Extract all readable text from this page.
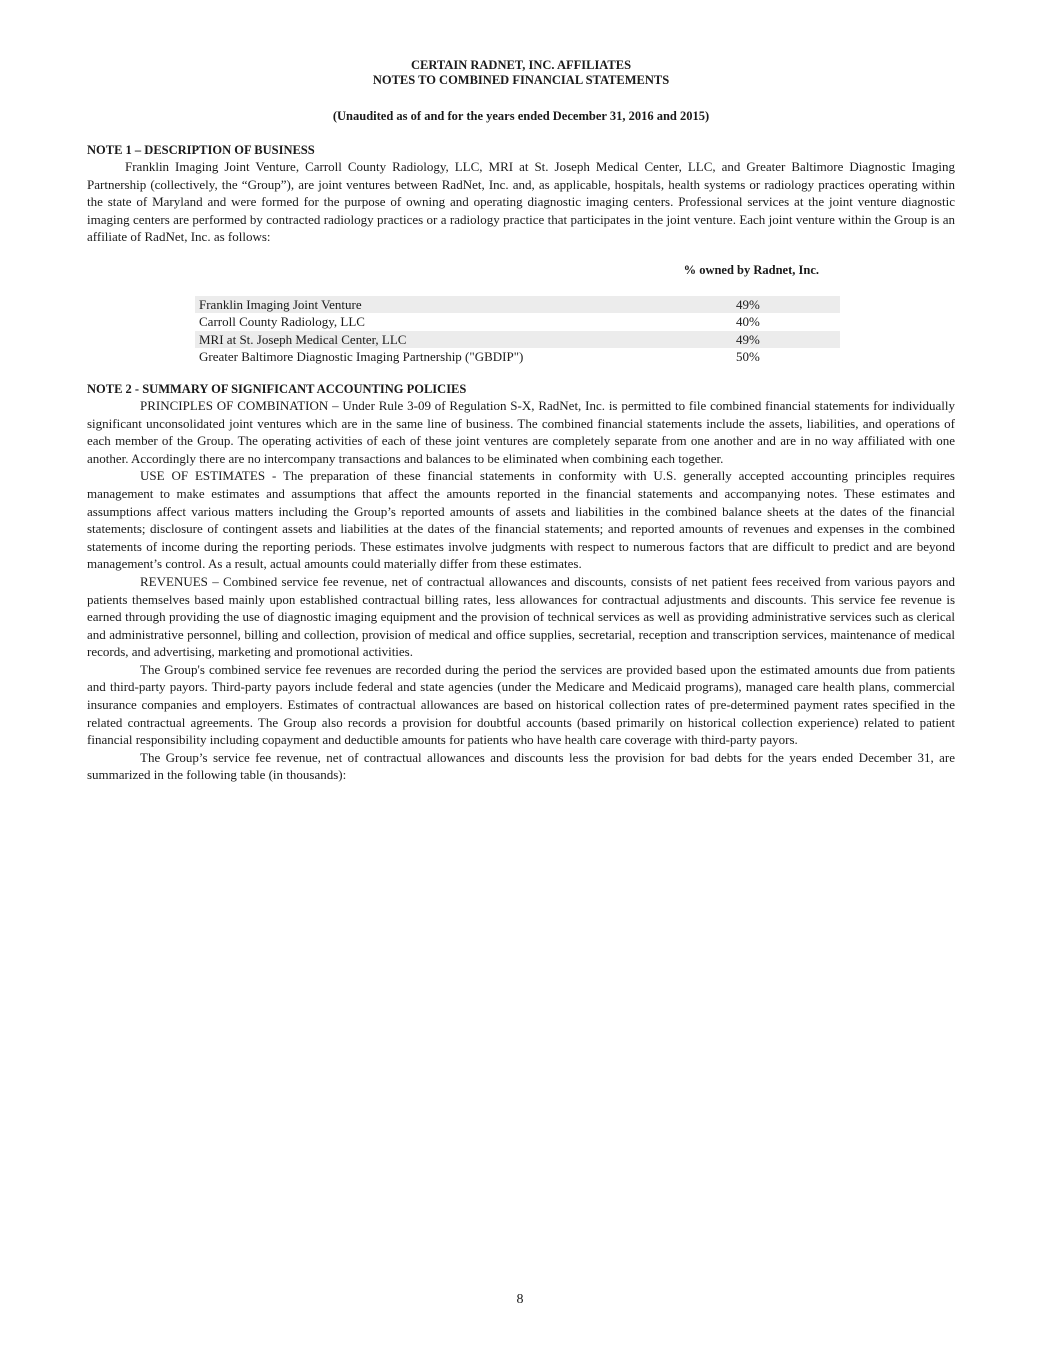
CERTAIN RADNET, INC. AFFILIATES
NOTES TO COMBINED FINANCIAL STATEMENTS
(Unaudited as of and for the years ended December 31, 2016 and 2015)
NOTE 1 – DESCRIPTION OF BUSINESS

Franklin Imaging Joint Venture, Carroll County Radiology, LLC, MRI at St. Joseph Medical Center, LLC, and Greater Baltimore Diagnostic Imaging Partnership (collectively, the “Group”), are joint ventures between RadNet, Inc. and, as applicable, hospitals, health systems or radiology practices operating within the state of Maryland and were formed for the purpose of owning and operating diagnostic imaging centers. Professional services at the joint venture diagnostic imaging centers are performed by contracted radiology practices or a radiology practice that participates in the joint venture. Each joint venture within the Group is an affiliate of RadNet, Inc. as follows:

% owned by Radnet, Inc.
Franklin Imaging Joint Venture	49%
Carroll County Radiology, LLC	40%
MRI at St. Joseph Medical Center, LLC	49%
Greater Baltimore Diagnostic Imaging Partnership ("GBDIP")	50%
NOTE 2 - SUMMARY OF SIGNIFICANT ACCOUNTING POLICIES

PRINCIPLES OF COMBINATION – Under Rule 3-09 of Regulation S-X, RadNet, Inc. is permitted to file combined financial statements for individually significant unconsolidated joint ventures which are in the same line of business. The combined financial statements include the assets, liabilities, and operations of each member of the Group. The operating activities of each of these joint ventures are completely separate from one another and are in no way affiliated with one another. Accordingly there are no intercompany transactions and balances to be eliminated when combining each together.

USE OF ESTIMATES - The preparation of these financial statements in conformity with U.S. generally accepted accounting principles requires management to make estimates and assumptions that affect the amounts reported in the financial statements and accompanying notes. These estimates and assumptions affect various matters including the Group’s reported amounts of assets and liabilities in the combined balance sheets at the dates of the financial statements; disclosure of contingent assets and liabilities at the dates of the financial statements; and reported amounts of revenues and expenses in the combined statements of income during the reporting periods. These estimates involve judgments with respect to numerous factors that are difficult to predict and are beyond management’s control. As a result, actual amounts could materially differ from these estimates.

REVENUES – Combined service fee revenue, net of contractual allowances and discounts, consists of net patient fees received from various payors and patients themselves based mainly upon established contractual billing rates, less allowances for contractual adjustments and discounts. This service fee revenue is earned through providing the use of diagnostic imaging equipment and the provision of technical services as well as providing administrative services such as clerical and administrative personnel, billing and collection, provision of medical and office supplies, secretarial, reception and transcription services, maintenance of medical records, and advertising, marketing and promotional activities.

The Group's combined service fee revenues are recorded during the period the services are provided based upon the estimated amounts due from patients and third-party payors. Third-party payors include federal and state agencies (under the Medicare and Medicaid programs), managed care health plans, commercial insurance companies and employers. Estimates of contractual allowances are based on historical collection rates of pre-determined payment rates specified in the related contractual agreements. The Group also records a provision for doubtful accounts (based primarily on historical collection experience) related to patient financial responsibility including copayment and deductible amounts for patients who have health care coverage with third-party payors.

The Group’s service fee revenue, net of contractual allowances and discounts less the provision for bad debts for the years ended December 31, are summarized in the following table (in thousands):

8
